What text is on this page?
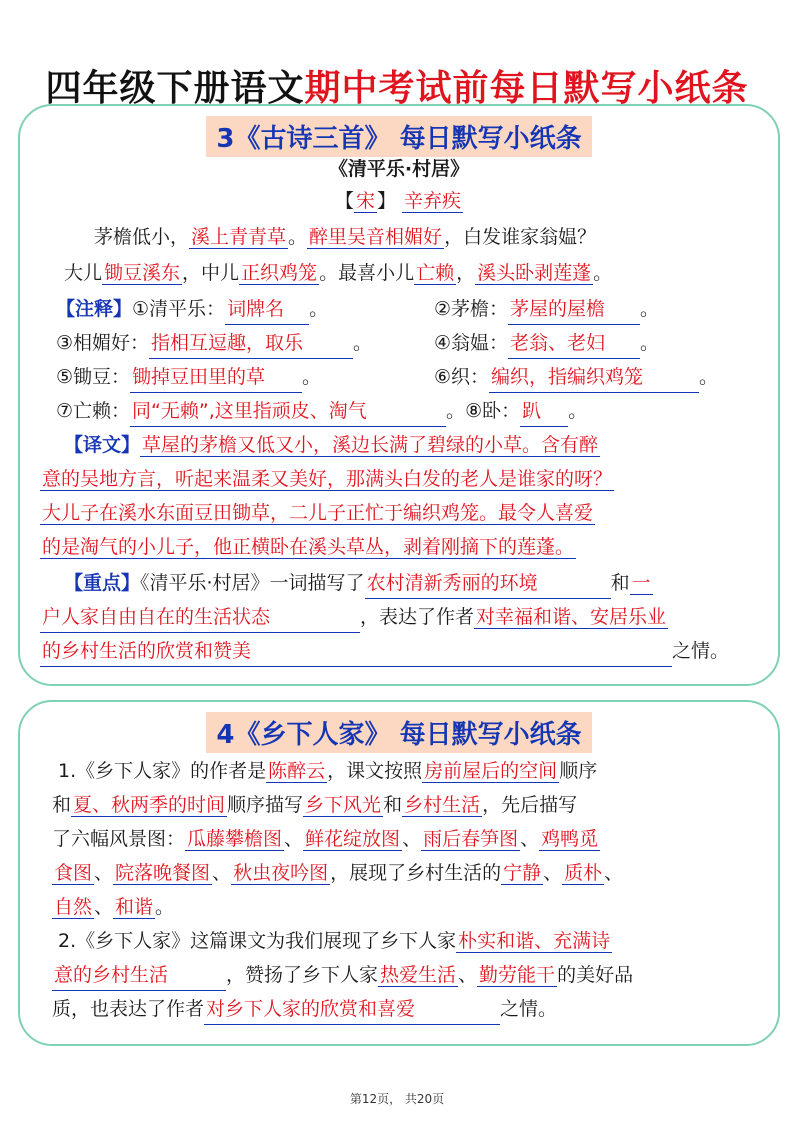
四年级下册语文期中考试前每日默写小纸条
3《古诗三首》 每日默写小纸条
《清平乐·村居》
【 宋 】 辛弃疾
茅檐低小， 溪上青青草 。 醉里吴音相媚好 ，白发谁家翁媪？
大儿 锄豆溪东 ，中儿 正织鸡笼 。最喜小儿 亡赖 ， 溪头卧剥莲蓬 。
【注释】①清平乐： 词牌名 。	②茅檐： 茅屋的屋檐 。
③相媚好： 指相互逗趣，取乐	。	④翁媪： 老翁、老妇 。
⑤锄豆： 锄掉豆田里的草 。	⑥织： 编织，指编织鸡笼	。
⑦亡赖： 同“无赖”,这里指顽皮、淘气	。⑧卧： 趴 。
【译文】 草屋的茅檐又低又小，溪边长满了碧绿的小草。含有醉
意的吴地方言，听起来温柔又美好，那满头白发的老人是谁家的呀？
大儿子在溪水东面豆田锄草，二儿子正忙于编织鸡笼。最令人喜爱
的是淘气的小儿子，他正横卧在溪头草丛，剥着刚摘下的莲蓬。
【重点】《清平乐·村居》一词描写了 农村清新秀丽的环境	和 一
户人家自由自在的生活状态	，表达了作者 对幸福和谐、安居乐业
的乡村生活的欣赏和赞美	之情。
4《乡下人家》 每日默写小纸条
1.《乡下人家》的作者是 陈醉云 ，课文按照 房前屋后的空间 顺序
和 夏、秋两季的时间 顺序描写 乡下风光 和 乡村生活 ，先后描写
了六幅风景图： 瓜藤攀檐图 、 鲜花绽放图 、 雨后春笋图 、 鸡鸭觅
食图 、 院落晚餐图 、 秋虫夜吟图 ，展现了乡村生活的 宁静 、 质朴 、
自然 、 和谐 。
2.《乡下人家》这篇课文为我们展现了乡下人家 朴实和谐、充满诗
意的乡村生活	，赞扬了乡下人家 热爱生活 、 勤劳能干 的美好品
质，也表达了作者 对乡下人家的欣赏和喜爱	之情。
第12页， 共20页
